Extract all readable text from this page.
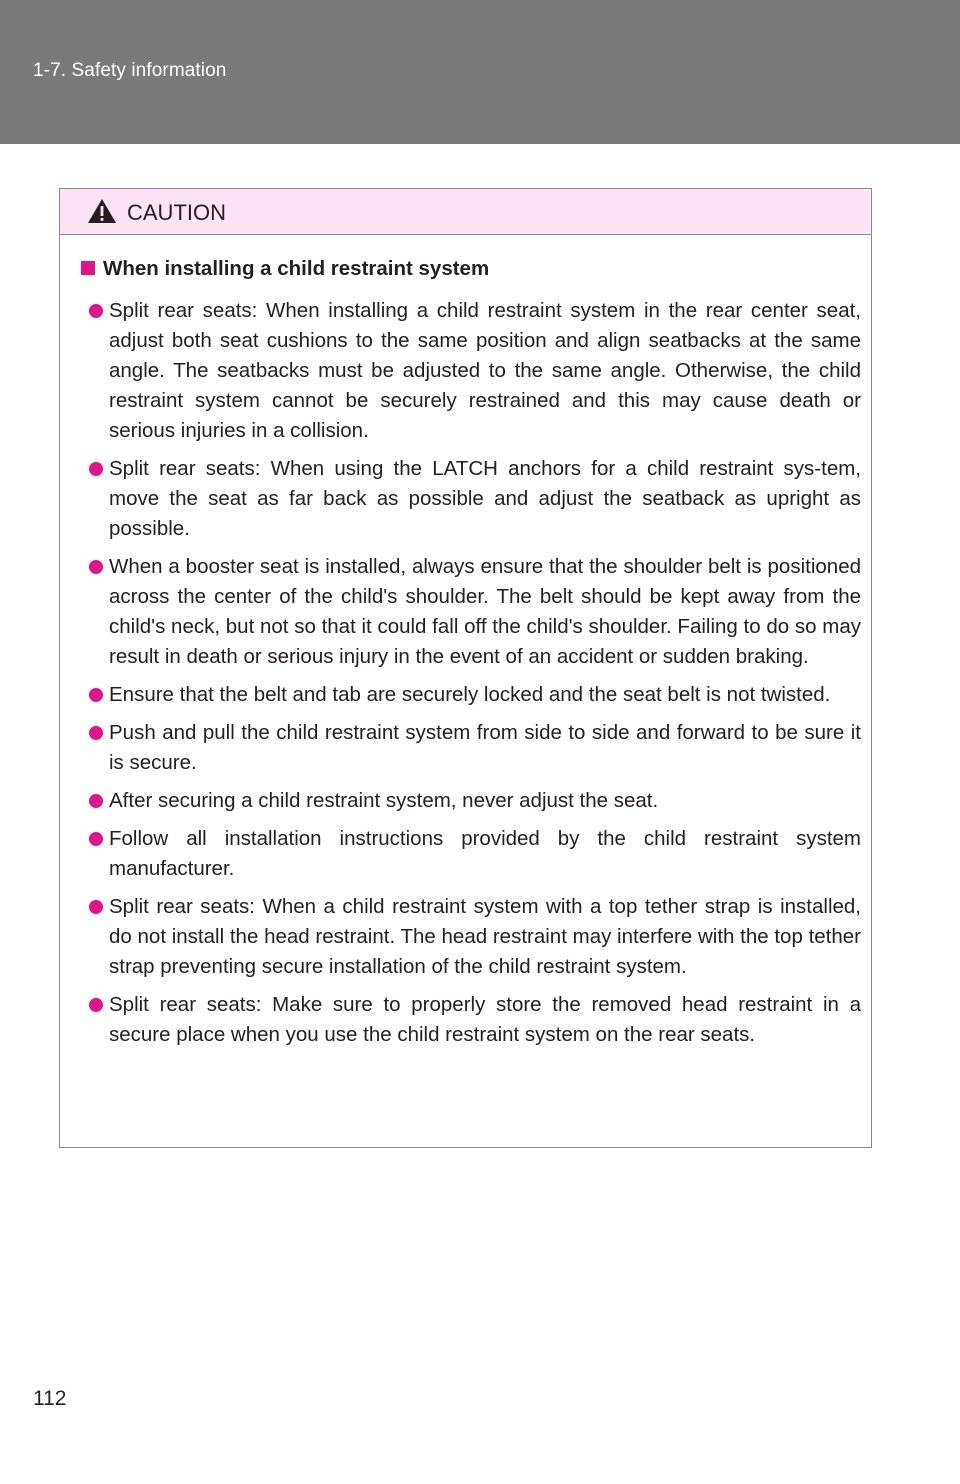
1-7. Safety information
CAUTION
When installing a child restraint system
Split rear seats: When installing a child restraint system in the rear center seat, adjust both seat cushions to the same position and align seatbacks at the same angle. The seatbacks must be adjusted to the same angle. Otherwise, the child restraint system cannot be securely restrained and this may cause death or serious injuries in a collision.
Split rear seats: When using the LATCH anchors for a child restraint sys-tem, move the seat as far back as possible and adjust the seatback as upright as possible.
When a booster seat is installed, always ensure that the shoulder belt is positioned across the center of the child's shoulder. The belt should be kept away from the child's neck, but not so that it could fall off the child's shoulder. Failing to do so may result in death or serious injury in the event of an accident or sudden braking.
Ensure that the belt and tab are securely locked and the seat belt is not twisted.
Push and pull the child restraint system from side to side and forward to be sure it is secure.
After securing a child restraint system, never adjust the seat.
Follow all installation instructions provided by the child restraint system manufacturer.
Split rear seats: When a child restraint system with a top tether strap is installed, do not install the head restraint. The head restraint may interfere with the top tether strap preventing secure installation of the child restraint system.
Split rear seats: Make sure to properly store the removed head restraint in a secure place when you use the child restraint system on the rear seats.
112
